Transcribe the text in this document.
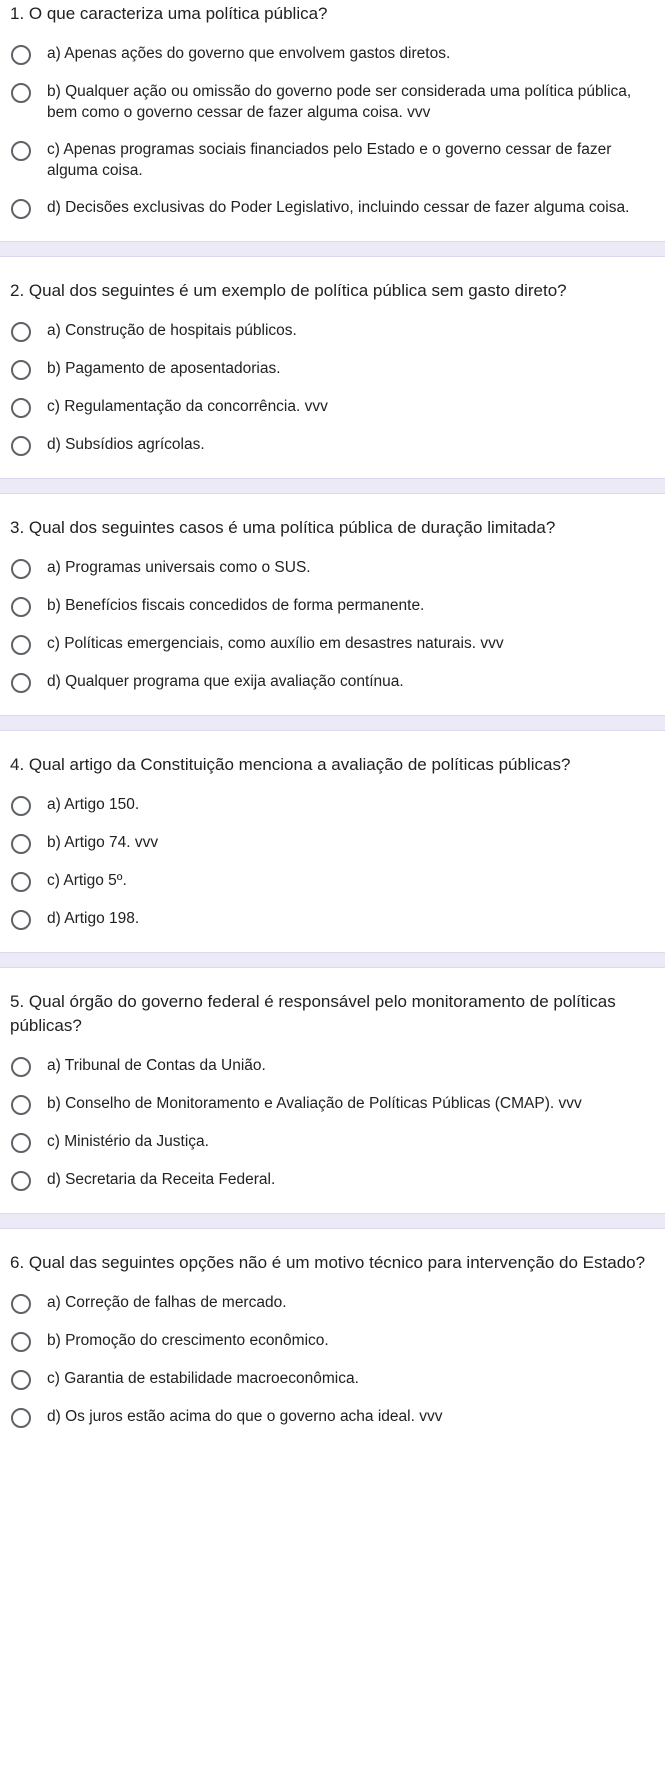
1. O que caracteriza uma política pública?
a) Apenas ações do governo que envolvem gastos diretos.
b) Qualquer ação ou omissão do governo pode ser considerada uma política pública, bem como o governo cessar de fazer alguma coisa. vvv
c) Apenas programas sociais financiados pelo Estado e o governo cessar de fazer alguma coisa.
d) Decisões exclusivas do Poder Legislativo, incluindo cessar de fazer alguma coisa.
2. Qual dos seguintes é um exemplo de política pública sem gasto direto?
a) Construção de hospitais públicos.
b) Pagamento de aposentadorias.
c) Regulamentação da concorrência. vvv
d) Subsídios agrícolas.
3. Qual dos seguintes casos é uma política pública de duração limitada?
a) Programas universais como o SUS.
b) Benefícios fiscais concedidos de forma permanente.
c) Políticas emergenciais, como auxílio em desastres naturais. vvv
d) Qualquer programa que exija avaliação contínua.
4. Qual artigo da Constituição menciona a avaliação de políticas públicas?
a) Artigo 150.
b) Artigo 74. vvv
c) Artigo 5º.
d) Artigo 198.
5. Qual órgão do governo federal é responsável pelo monitoramento de políticas públicas?
a) Tribunal de Contas da União.
b) Conselho de Monitoramento e Avaliação de Políticas Públicas (CMAP). vvv
c) Ministério da Justiça.
d) Secretaria da Receita Federal.
6. Qual das seguintes opções não é um motivo técnico para intervenção do Estado?
a) Correção de falhas de mercado.
b) Promoção do crescimento econômico.
c) Garantia de estabilidade macroeconômica.
d) Os juros estão acima do que o governo acha ideal. vvv
